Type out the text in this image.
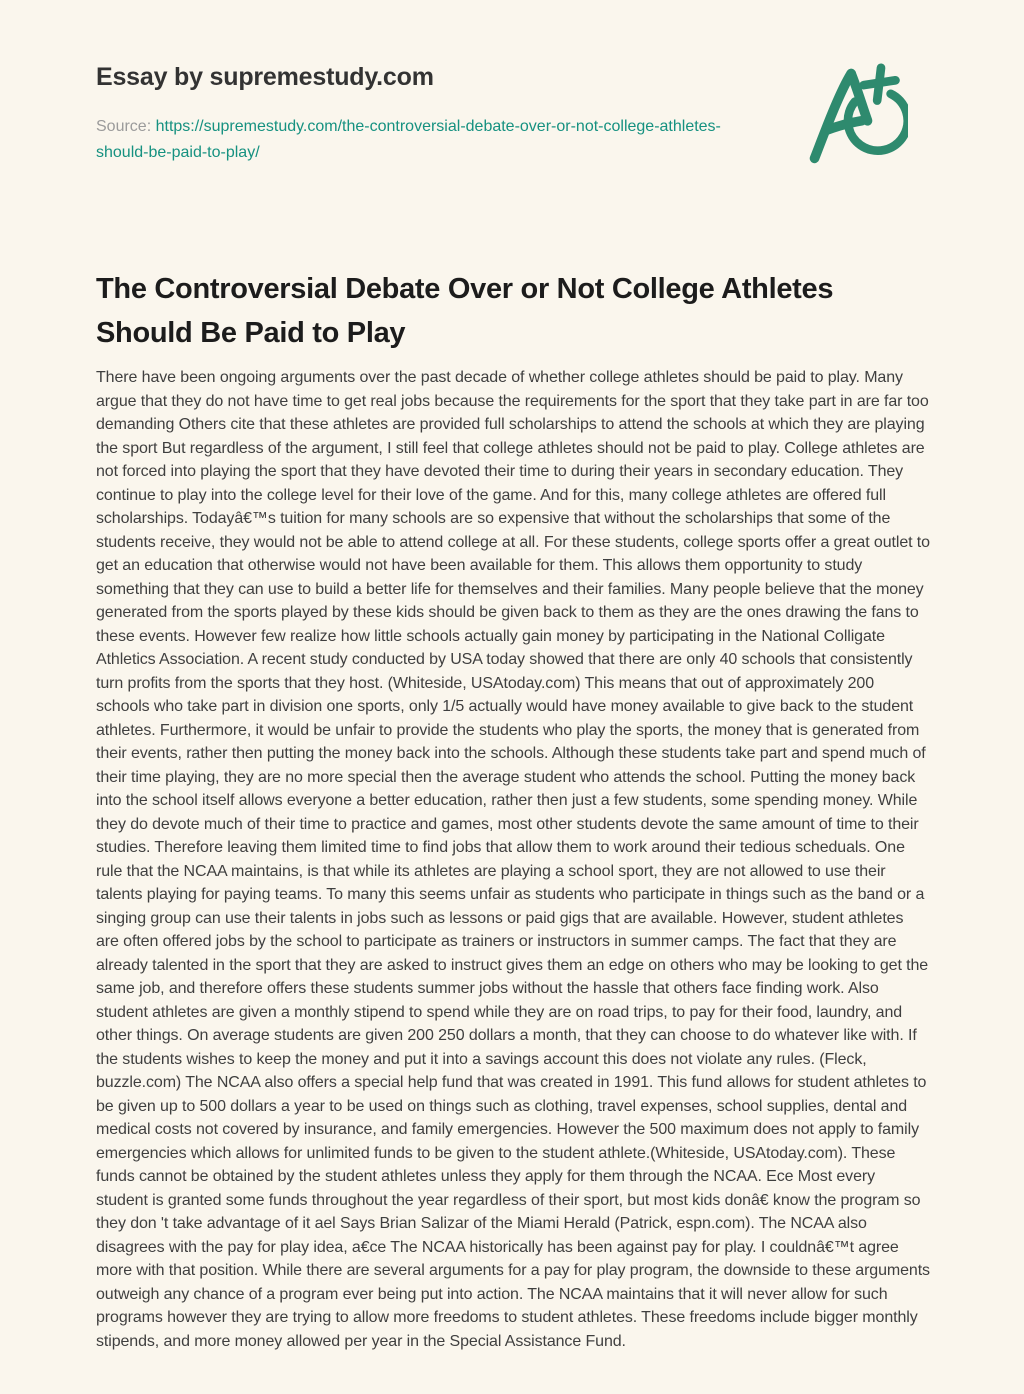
Essay by supremestudy.com

Source: https://supremestudy.com/the-controversial-debate-over-or-not-college-athletes-should-be-paid-to-play/

The Controversial Debate Over or Not College Athletes Should Be Paid to Play

There have been ongoing arguments over the past decade of whether college athletes should be paid to play. Many argue that they do not have time to get real jobs because the requirements for the sport that they take part in are far too demanding Others cite that these athletes are provided full scholarships to attend the schools at which they are playing the sport But regardless of the argument, I still feel that college athletes should not be paid to play. College athletes are not forced into playing the sport that they have devoted their time to during their years in secondary education. They continue to play into the college level for their love of the game. And for this, many college athletes are offered full scholarships. Todayâ€™s tuition for many schools are so expensive that without the scholarships that some of the students receive, they would not be able to attend college at all. For these students, college sports offer a great outlet to get an education that otherwise would not have been available for them. This allows them opportunity to study something that they can use to build a better life for themselves and their families. Many people believe that the money generated from the sports played by these kids should be given back to them as they are the ones drawing the fans to these events. However few realize how little schools actually gain money by participating in the National Colligate Athletics Association. A recent study conducted by USA today showed that there are only 40 schools that consistently turn profits from the sports that they host. (Whiteside, USAtoday.com) This means that out of approximately 200 schools who take part in division one sports, only 1/5 actually would have money available to give back to the student athletes. Furthermore, it would be unfair to provide the students who play the sports, the money that is generated from their events, rather then putting the money back into the schools. Although these students take part and spend much of their time playing, they are no more special then the average student who attends the school. Putting the money back into the school itself allows everyone a better education, rather then just a few students, some spending money. While they do devote much of their time to practice and games, most other students devote the same amount of time to their studies. Therefore leaving them limited time to find jobs that allow them to work around their tedious scheduals. One rule that the NCAA maintains, is that while its athletes are playing a school sport, they are not allowed to use their talents playing for paying teams. To many this seems unfair as students who participate in things such as the band or a singing group can use their talents in jobs such as lessons or paid gigs that are available. However, student athletes are often offered jobs by the school to participate as trainers or instructors in summer camps. The fact that they are already talented in the sport that they are asked to instruct gives them an edge on others who may be looking to get the same job, and therefore offers these students summer jobs without the hassle that others face finding work. Also student athletes are given a monthly stipend to spend while they are on road trips, to pay for their food, laundry, and other things. On average students are given 200 250 dollars a month, that they can choose to do whatever like with. If the students wishes to keep the money and put it into a savings account this does not violate any rules. (Fleck, buzzle.com) The NCAA also offers a special help fund that was created in 1991. This fund allows for student athletes to be given up to 500 dollars a year to be used on things such as clothing, travel expenses, school supplies, dental and medical costs not covered by insurance, and family emergencies. However the 500 maximum does not apply to family emergencies which allows for unlimited funds to be given to the student athlete.(Whiteside, USAtoday.com). These funds cannot be obtained by the student athletes unless they apply for them through the NCAA. Ece Most every student is granted some funds throughout the year regardless of their sport, but most kids donâ€ know the program so they don 't take advantage of it ael Says Brian Salizar of the Miami Herald (Patrick, espn.com). The NCAA also disagrees with the pay for play idea, a€ce The NCAA historically has been against pay for play. I couldnâ€™t agree more with that position. While there are several arguments for a pay for play program, the downside to these arguments outweigh any chance of a program ever being put into action. The NCAA maintains that it will never allow for such programs however they are trying to allow more freedoms to student athletes. These freedoms include bigger monthly stipends, and more money allowed per year in the Special Assistance Fund.
